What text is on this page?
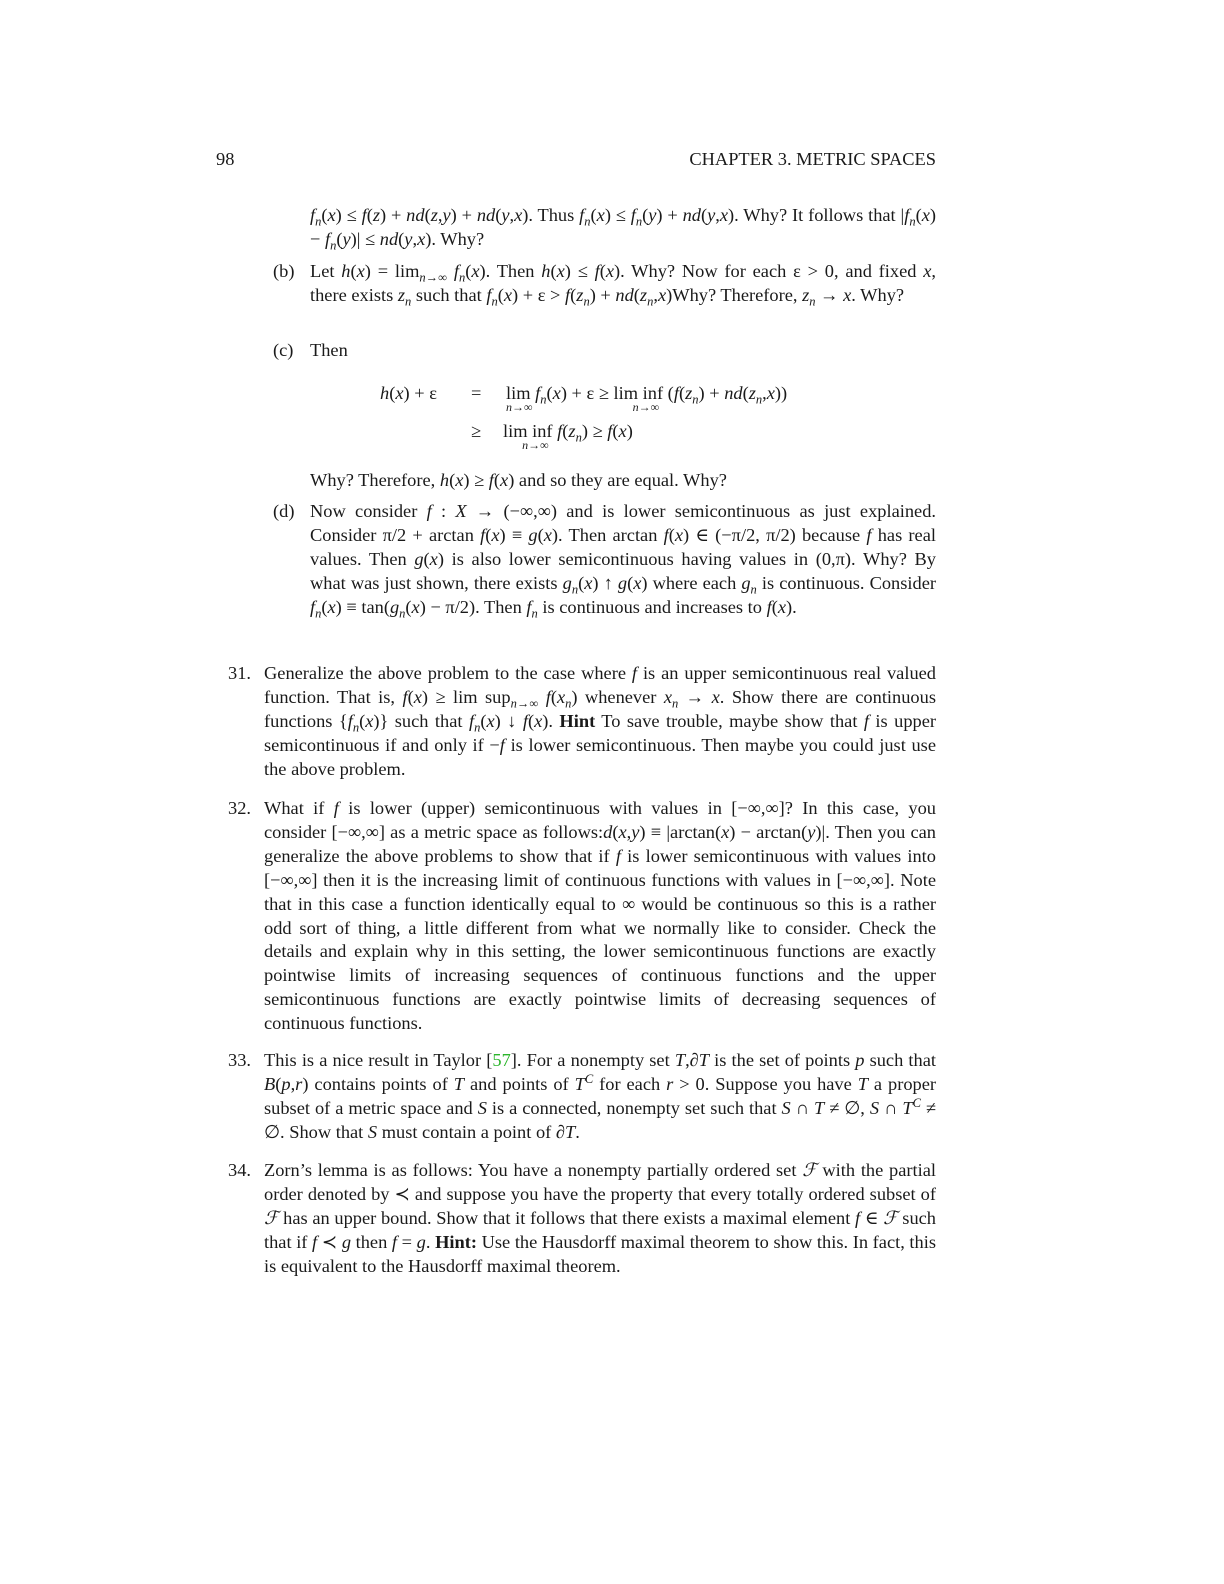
98	CHAPTER 3. METRIC SPACES
$f_n(x) \le f(z) + nd(z,y) + nd(y,x)$. Thus $f_n(x) \le f_n(y) + nd(y,x)$. Why? It follows that $|f_n(x) - f_n(y)| \le nd(y,x)$. Why?
(b) Let $h(x) = \lim_{n\to\infty} f_n(x)$. Then h(x) ≤ f(x). Why? Now for each ε > 0, and fixed x, there exists $z_n$ such that $f_n(x) + \varepsilon > f(z_n) + nd(z_n,x)Why$? Therefore, $z_n \to x$. Why?
(c) Then
h(x) + ε = lim
n→∞
$f_n(x) + \varepsilon \ge \lim$ inf
n→∞
$(f(z_n) + nd(z_n,x))$
≥ lim inf
n→∞
$f(z_n) \ge f(x)$
Why? Therefore, h(x) ≥ f(x) and so they are equal. Why?
(d) Now consider f : X → (−∞,∞) and is lower semicontinuous as just explained. Consider π/2 + arctan f(x) ≡ g(x). Then arctan f(x) ∈ (−π/2, π/2) because f has real values. Then g(x) is also lower semicontinuous having values in (0,π). Why? By what was just shown, there exists $g_n(x)$ ↑ g(x) where each $g_n$ is continuous. Consider $f_n(x) \equiv \tan(g_n(x) - \pi/2)$. Then $f_n$ is continuous and increases to f(x).
31. Generalize the above problem to the case where f is an upper semicontinuous real valued function. That is, f(x) ≥ lim sup$_{n\to\infty}$ $f(x_n)$ whenever $x_n \to x$. Show there are continuous functions $\{f_n(x)\}$ such that $f_n(x)$ ↓ f(x). Hint To save trouble, maybe show that f is upper semicontinuous if and only if −f is lower semicontinuous. Then maybe you could just use the above problem.
32. What if f is lower (upper) semicontinuous with values in [−∞,∞]? In this case, you consider [−∞,∞] as a metric space as follows:d(x,y) ≡ |arctan(x) − arctan(y)|. Then you can generalize the above problems to show that if f is lower semicontinuous with values into [−∞,∞] then it is the increasing limit of continuous functions with values in [−∞,∞]. Note that in this case a function identically equal to ∞ would be continuous so this is a rather odd sort of thing, a little different from what we normally like to consider. Check the details and explain why in this setting, the lower semicontinuous functions are exactly pointwise limits of increasing sequences of continuous functions and the upper semicontinuous functions are exactly pointwise limits of decreasing sequences of continuous functions.
33. This is a nice result in Taylor [57]. For a nonempty set T,∂T is the set of points p such that B(p,r) contains points of T and points of $T^C$ for each r > 0. Suppose you have T a proper subset of a metric space and S is a connected, nonempty set such that S ∩ T ≠ ∅, S ∩ $T^C$ ≠ ∅. Show that S must contain a point of ∂T.
34. Zorn’s lemma is as follows: You have a nonempty partially ordered set ℱ with the partial order denoted by ≺ and suppose you have the property that every totally ordered subset of ℱ has an upper bound. Show that it follows that there exists a maximal element f ∈ ℱ such that if f ≺ g then f = g. Hint: Use the Hausdorff maximal theorem to show this. In fact, this is equivalent to the Hausdorff maximal theorem.
